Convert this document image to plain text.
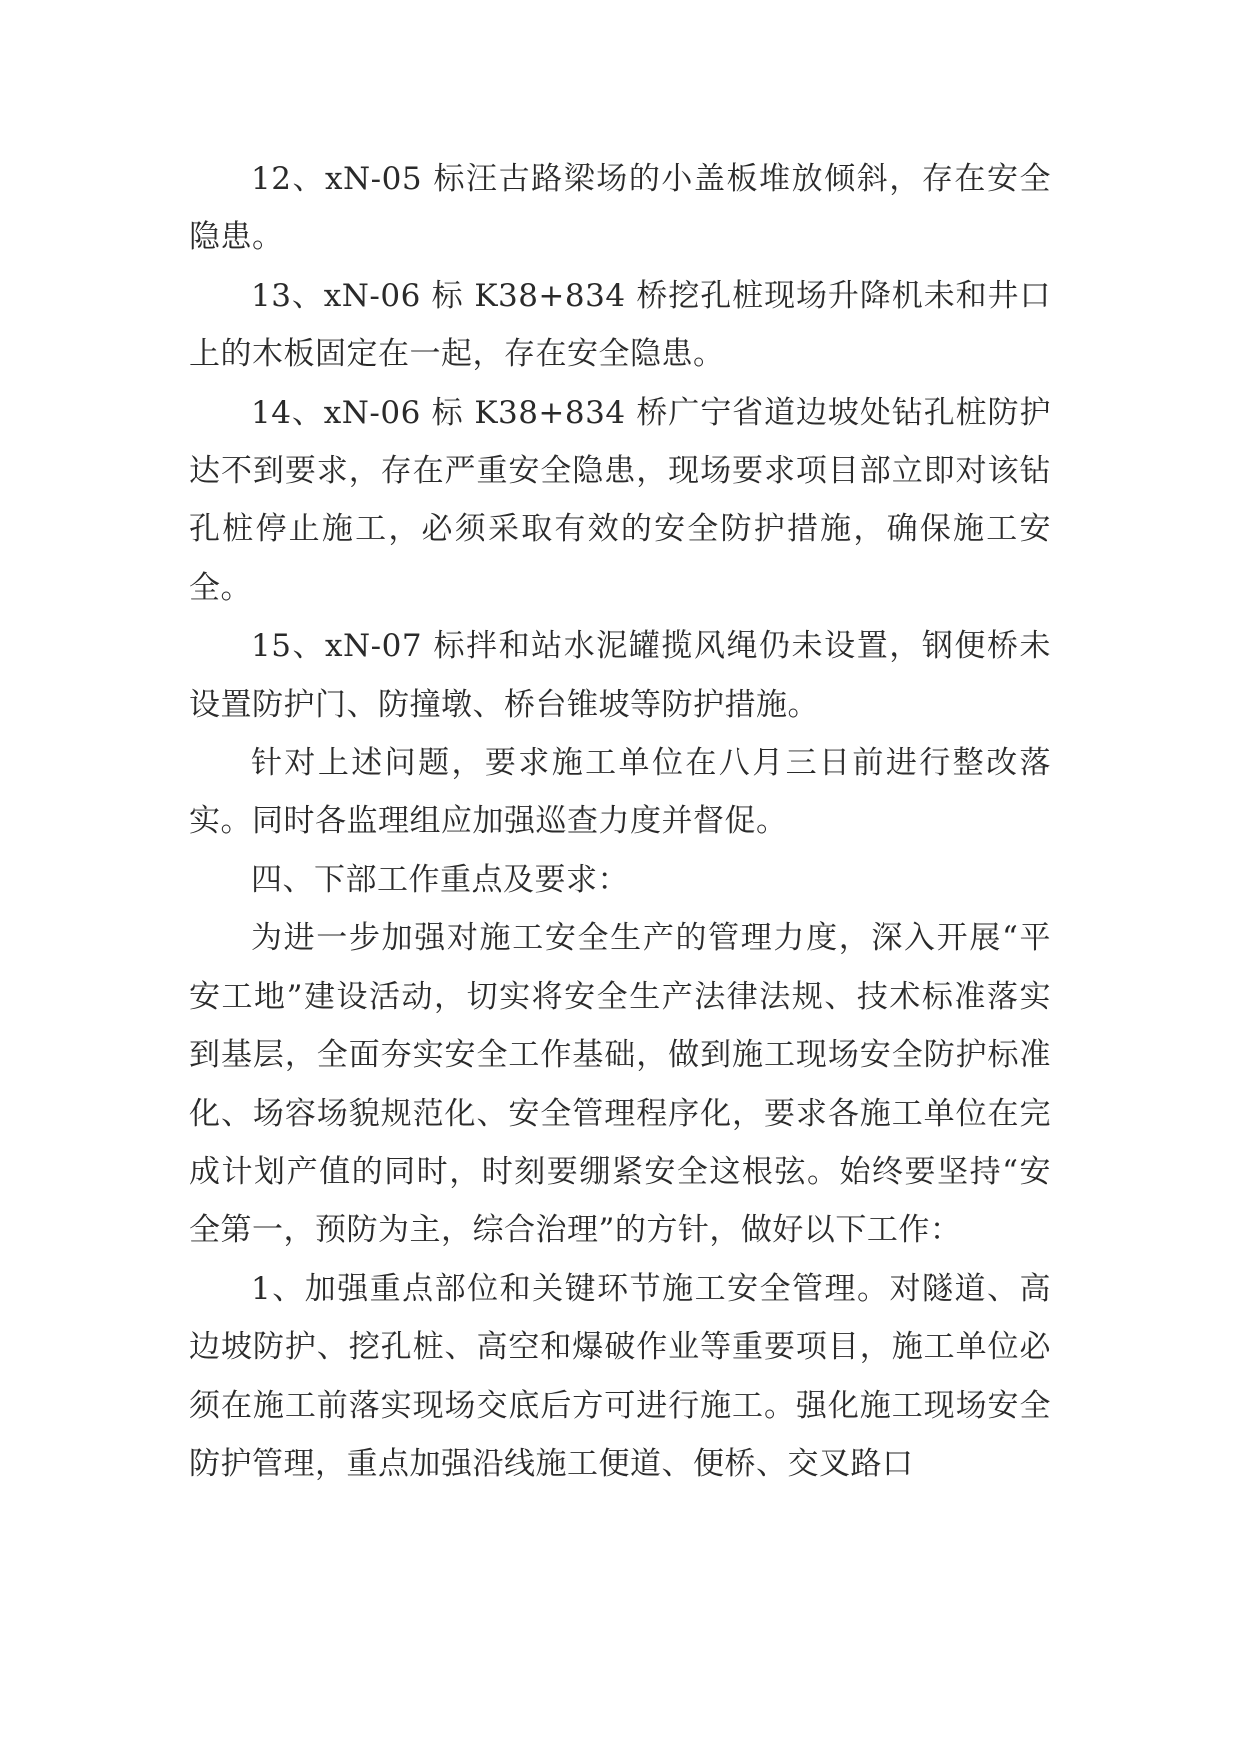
12、xN-05 标汪古路梁场的小盖板堆放倾斜，存在安全隐患。

13、xN-06 标 K38+834 桥挖孔桩现场升降机未和井口上的木板固定在一起，存在安全隐患。

14、xN-06 标 K38+834 桥广宁省道边坡处钻孔桩防护达不到要求，存在严重安全隐患，现场要求项目部立即对该钻孔桩停止施工，必须采取有效的安全防护措施，确保施工安全。

15、xN-07 标拌和站水泥罐揽风绳仍未设置，钢便桥未设置防护门、防撞墩、桥台锥坡等防护措施。

针对上述问题，要求施工单位在八月三日前进行整改落实。同时各监理组应加强巡查力度并督促。

四、下部工作重点及要求：

为进一步加强对施工安全生产的管理力度，深入开展“平安工地”建设活动，切实将安全生产法律法规、技术标准落实到基层，全面夯实安全工作基础，做到施工现场安全防护标准化、场容场貌规范化、安全管理程序化，要求各施工单位在完成计划产值的同时，时刻要绷紧安全这根弦。始终要坚持“安全第一，预防为主，综合治理”的方针，做好以下工作：

1、加强重点部位和关键环节施工安全管理。对隧道、高边坡防护、挖孔桩、高空和爆破作业等重要项目，施工单位必须在施工前落实现场交底后方可进行施工。强化施工现场安全防护管理，重点加强沿线施工便道、便桥、交叉路口
